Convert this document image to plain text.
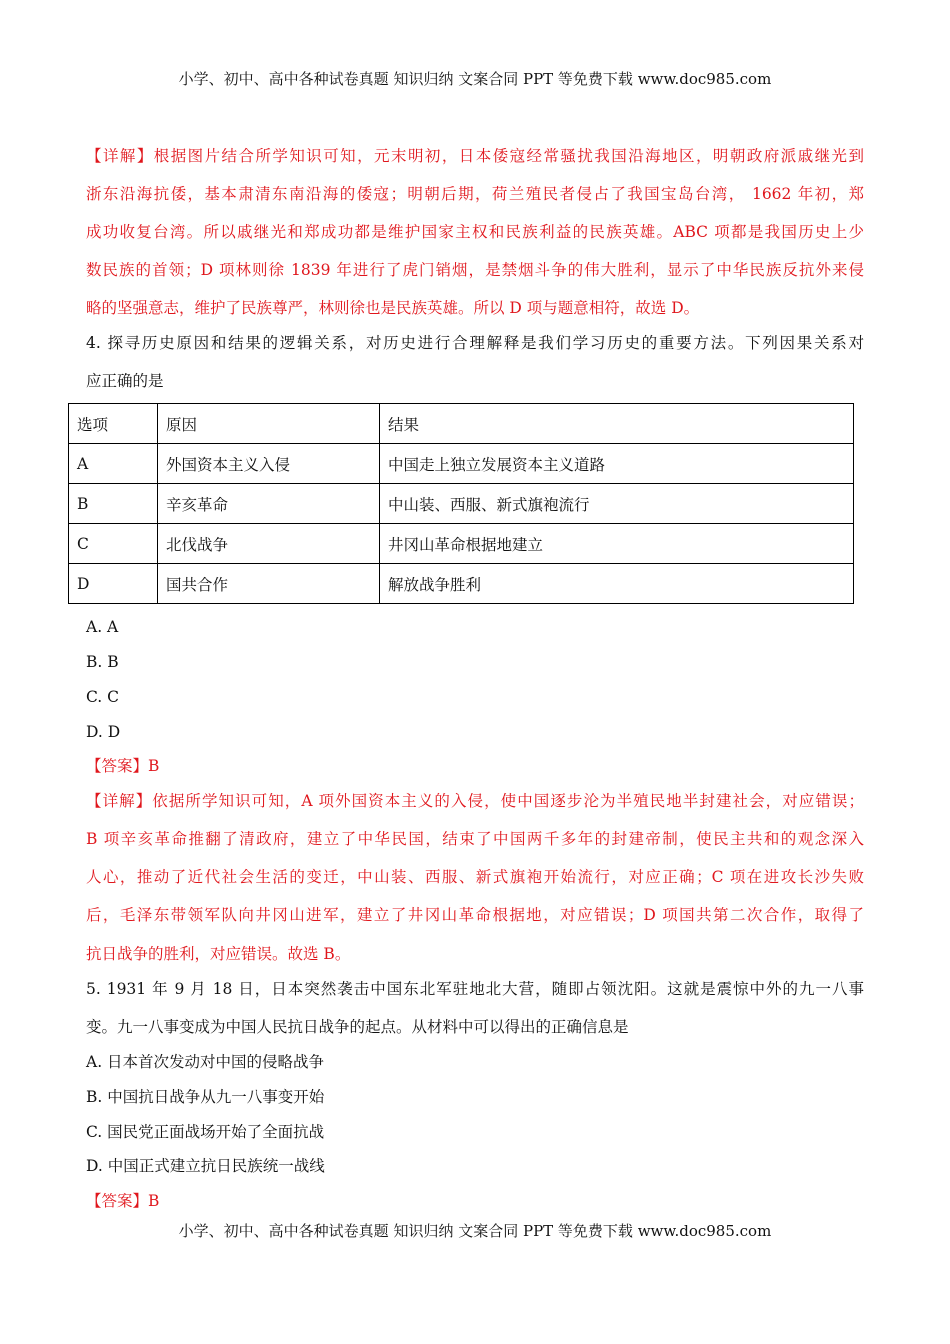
小学、初中、高中各种试卷真题 知识归纳 文案合同 PPT 等免费下载 www.doc985.com
【详解】根据图片结合所学知识可知，元末明初，日本倭寇经常骚扰我国沿海地区，明朝政府派戚继光到
浙东沿海抗倭，基本肃清东南沿海的倭寇；明朝后期，荷兰殖民者侵占了我国宝岛台湾， 1662 年初，郑
成功收复台湾。所以戚继光和郑成功都是维护国家主权和民族利益的民族英雄。ABC 项都是我国历史上少
数民族的首领；D 项林则徐 1839 年进行了虎门销烟，是禁烟斗争的伟大胜利，显示了中华民族反抗外来侵
略的坚强意志，维护了民族尊严，林则徐也是民族英雄。所以 D 项与题意相符，故选 D。
4. 探寻历史原因和结果的逻辑关系，对历史进行合理解释是我们学习历史的重要方法。下列因果关系对
应正确的是
选项	原因	结果
A	外国资本主义入侵	中国走上独立发展资本主义道路
B	辛亥革命	中山装、西服、新式旗袍流行
C	北伐战争	井冈山革命根据地建立
D	国共合作	解放战争胜利
A. A
B. B
C. C
D. D
【答案】B
【详解】依据所学知识可知，A 项外国资本主义的入侵，使中国逐步沦为半殖民地半封建社会，对应错误；
B 项辛亥革命推翻了清政府，建立了中华民国，结束了中国两千多年的封建帝制，使民主共和的观念深入
人心，推动了近代社会生活的变迁，中山装、西服、新式旗袍开始流行，对应正确；C 项在进攻长沙失败
后，毛泽东带领军队向井冈山进军，建立了井冈山革命根据地，对应错误；D 项国共第二次合作，取得了
抗日战争的胜利，对应错误。故选 B。
5. 1931 年 9 月 18 日，日本突然袭击中国东北军驻地北大营，随即占领沈阳。这就是震惊中外的九一八事
变。九一八事变成为中国人民抗日战争的起点。从材料中可以得出的正确信息是
A. 日本首次发动对中国的侵略战争
B. 中国抗日战争从九一八事变开始
C. 国民党正面战场开始了全面抗战
D. 中国正式建立抗日民族统一战线
【答案】B
小学、初中、高中各种试卷真题 知识归纳 文案合同 PPT 等免费下载 www.doc985.com
